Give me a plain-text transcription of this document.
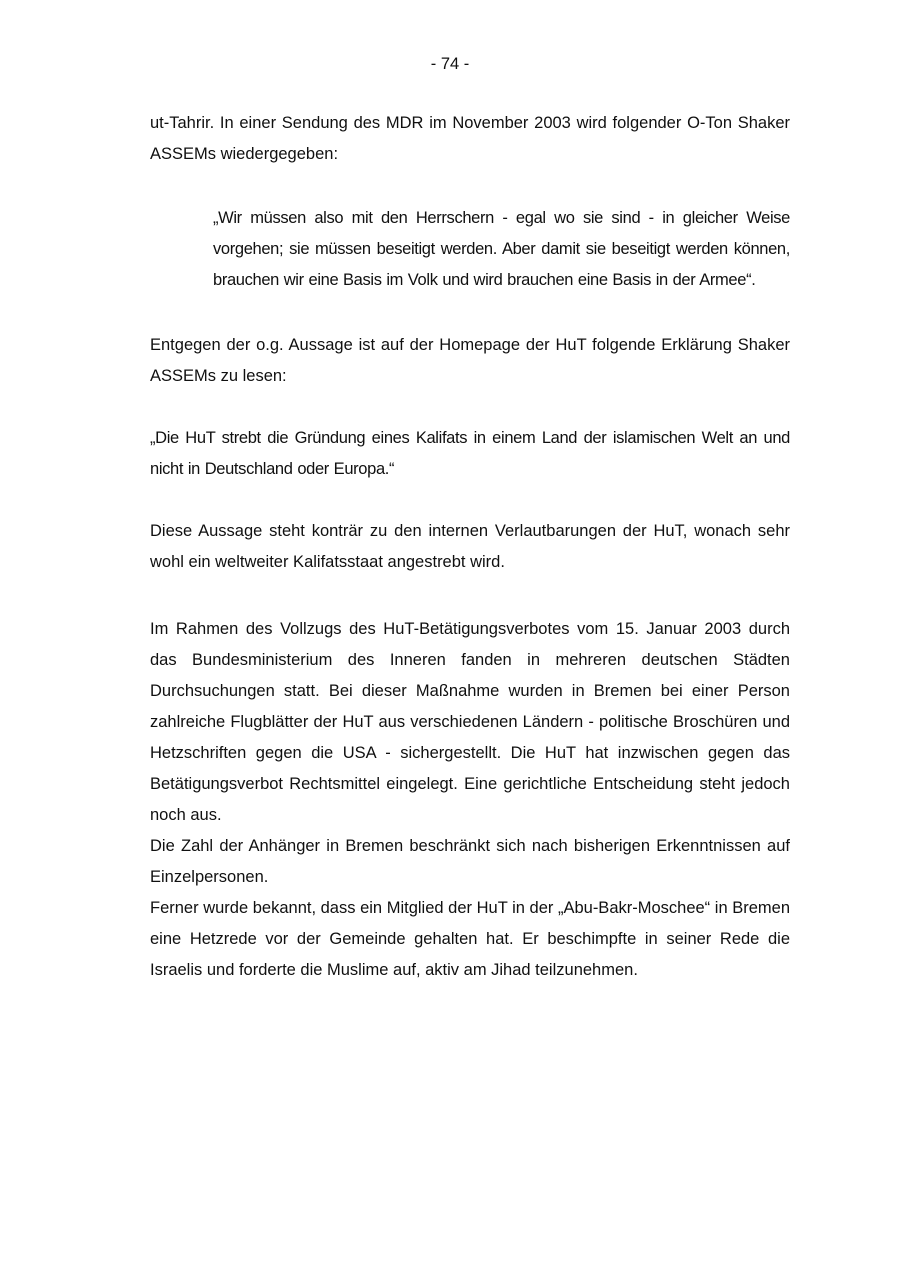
- 74 -

ut-Tahrir. In einer Sendung des MDR im November 2003 wird folgender O-Ton Shaker ASSEMs wiedergegeben:

„Wir müssen also mit den Herrschern - egal wo sie sind - in gleicher Weise vorgehen; sie müssen beseitigt werden. Aber damit sie beseitigt werden können, brauchen wir eine Basis im Volk und wird brauchen eine Basis in der Armee“.

Entgegen der o.g. Aussage ist auf der Homepage der HuT folgende Erklärung Shaker ASSEMs zu lesen:

„Die HuT strebt die Gründung eines Kalifats in einem Land der islamischen Welt an und nicht in Deutschland oder Europa.“

Diese Aussage steht konträr zu den internen Verlautbarungen der HuT, wonach sehr wohl ein weltweiter Kalifatsstaat angestrebt wird.

Im Rahmen des Vollzugs des HuT-Betätigungsverbotes vom 15. Januar 2003 durch das Bundesministerium des Inneren fanden in mehreren deutschen Städten Durchsuchungen statt. Bei dieser Maßnahme wurden in Bremen bei einer Person zahlreiche Flugblätter der HuT aus verschiedenen Ländern - politische Broschüren und Hetzschriften gegen die USA - sichergestellt. Die HuT hat inzwischen gegen das Betätigungsverbot Rechtsmittel eingelegt. Eine gerichtliche Entscheidung steht jedoch noch aus.

Die Zahl der Anhänger in Bremen beschränkt sich nach bisherigen Erkenntnissen auf Einzelpersonen.

Ferner wurde bekannt, dass ein Mitglied der HuT in der „Abu-Bakr-Moschee“ in Bremen eine Hetzrede vor der Gemeinde gehalten hat. Er beschimpfte in seiner Rede die Israelis und forderte die Muslime auf, aktiv am Jihad teilzunehmen.
